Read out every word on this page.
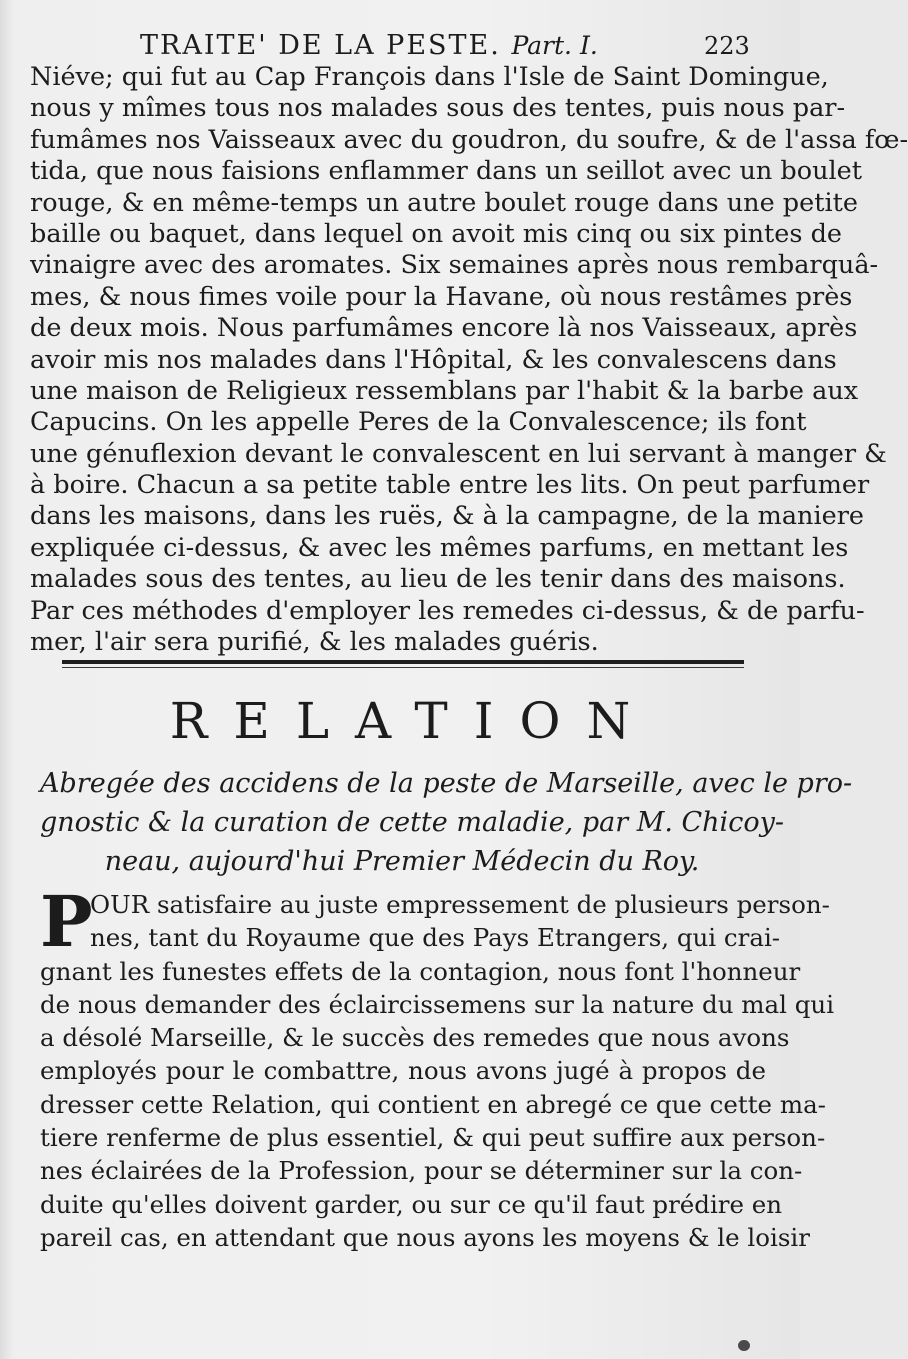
TRAITE' DE LA PESTE. Part. I.	223
Niéve; qui fut au Cap François dans l'Isle de Saint Domingue,
nous y mîmes tous nos malades sous des tentes, puis nous par-
fumâmes nos Vaisseaux avec du goudron, du soufre, & de l'assa fœ-
tida, que nous faisions enflammer dans un seillot avec un boulet
rouge, & en même-temps un autre boulet rouge dans une petite
baille ou baquet, dans lequel on avoit mis cinq ou six pintes de
vinaigre avec des aromates. Six semaines après nous rembarquâ-
mes, & nous fimes voile pour la Havane, où nous restâmes près
de deux mois. Nous parfumâmes encore là nos Vaisseaux, après
avoir mis nos malades dans l'Hôpital, & les convalescens dans
une maison de Religieux ressemblans par l'habit & la barbe aux
Capucins. On les appelle Peres de la Convalescence; ils font
une génuflexion devant le convalescent en lui servant à manger &
à boire. Chacun a sa petite table entre les lits. On peut parfumer
dans les maisons, dans les ruës, & à la campagne, de la maniere
expliquée ci-dessus, & avec les mêmes parfums, en mettant les
malades sous des tentes, au lieu de les tenir dans des maisons.
Par ces méthodes d'employer les remedes ci-dessus, & de parfu-
mer, l'air sera purifié, & les malades guéris.
RELATION
Abregée des accidens de la peste de Marseille, avec le pro-
gnostic & la curation de cette maladie, par M. Chicoy-
neau, aujourd'hui Premier Médecin du Roy.
P
OUR satisfaire au juste empressement de plusieurs person-
nes, tant du Royaume que des Pays Etrangers, qui crai-
gnant les funestes effets de la contagion, nous font l'honneur
de nous demander des éclaircissemens sur la nature du mal qui
a désolé Marseille, & le succès des remedes que nous avons
employés pour le combattre, nous avons jugé à propos de
dresser cette Relation, qui contient en abregé ce que cette ma-
tiere renferme de plus essentiel, & qui peut suffire aux person-
nes éclairées de la Profession, pour se déterminer sur la con-
duite qu'elles doivent garder, ou sur ce qu'il faut prédire en
pareil cas, en attendant que nous ayons les moyens & le loisir
